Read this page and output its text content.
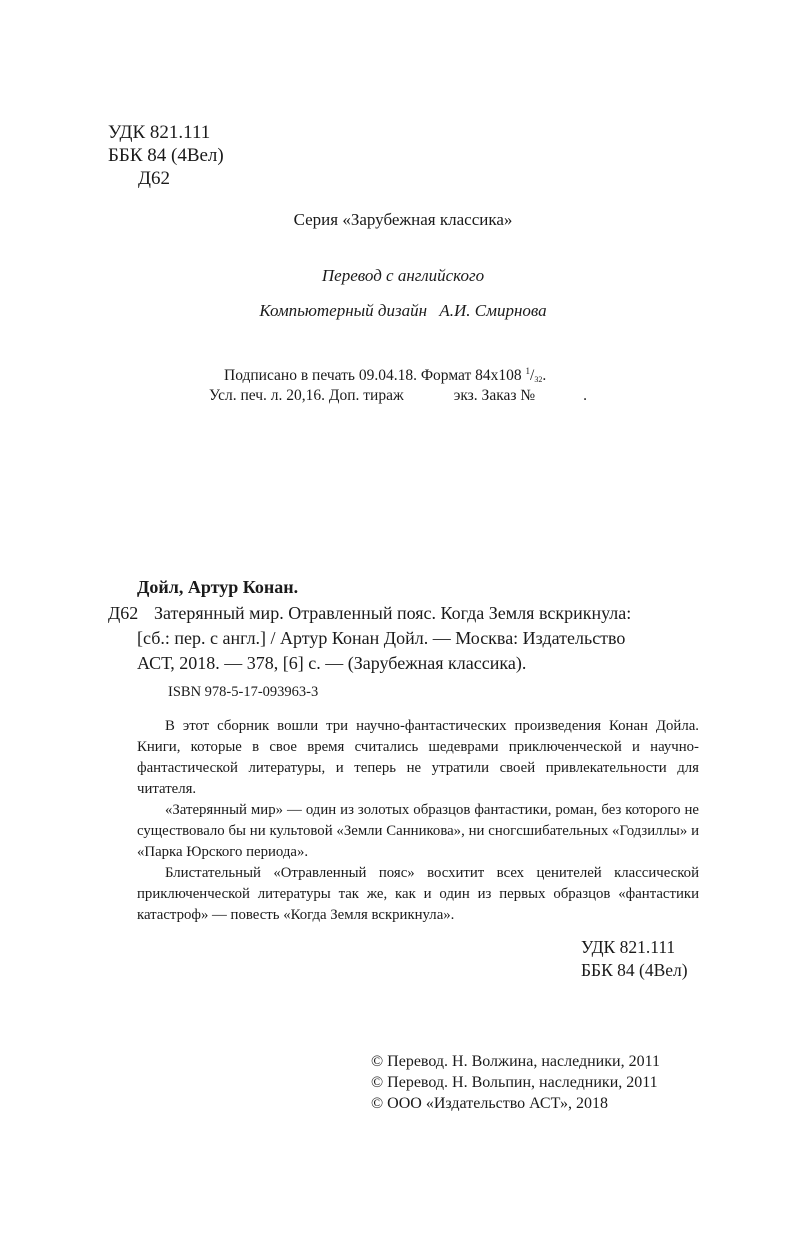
УДК 821.111
ББК 84 (4Вел)
Д62
Серия «Зарубежная классика»
Перевод с английского
Компьютерный дизайн А.И. Смирнова
Подписано в печать 09.04.18. Формат 84x108 $^1/_{32}$.
Усл. печ. л. 20,16. Доп. тираж	экз. Заказ №	.
Дойл, Артур Конан.
Д62 Затерянный мир. Отравленный пояс. Когда Земля вскрикнула:
[сб.: пер. с англ.] / Артур Конан Дойл. — Москва: Издательство
АСТ, 2018. — 378, [6] с. — (Зарубежная классика).
ISBN 978-5-17-093963-3

В этот сборник вошли три научно-фантастических произведения Конан Дойла. Книги, которые в свое время считались шедеврами приключенческой и научно-фантастической литературы, и теперь не утратили своей привлекательности для читателя.

«Затерянный мир» — один из золотых образцов фантастики, роман, без которого не существовало бы ни культовой «Земли Санникова», ни сногсшибательных «Годзиллы» и «Парка Юрского периода».

Блистательный «Отравленный пояс» восхитит всех ценителей классической приключенческой литературы так же, как и один из первых образцов «фантастики катастроф» — повесть «Когда Земля вскрикнула».

УДК 821.111
ББК 84 (4Вел)
© Перевод. Н. Волжина, наследники, 2011
© Перевод. Н. Вольпин, наследники, 2011
© ООО «Издательство АСТ», 2018
